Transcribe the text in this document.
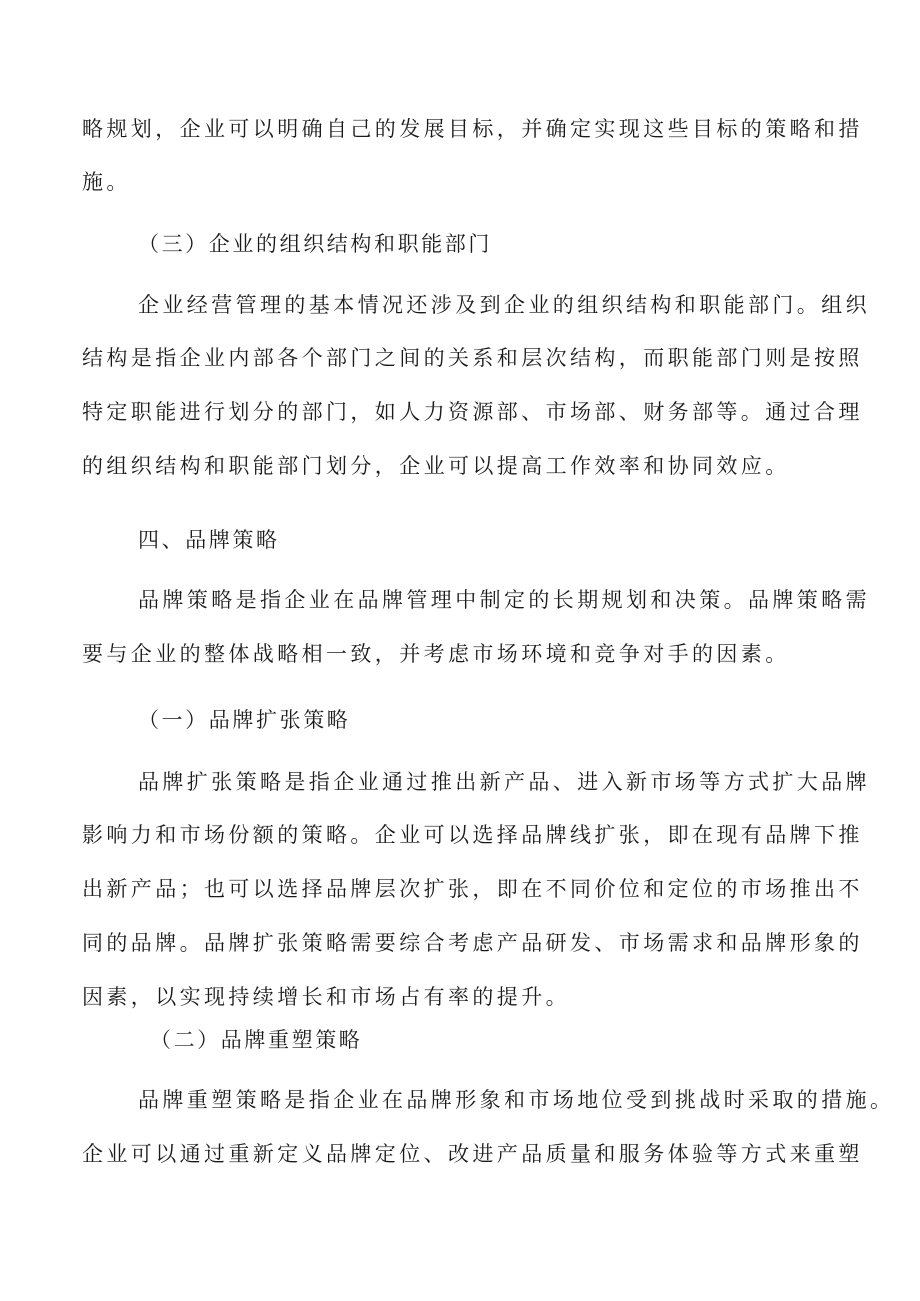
略规划，企业可以明确自己的发展目标，并确定实现这些目标的策略和措

施。

（三）企业的组织结构和职能部门

企业经营管理的基本情况还涉及到企业的组织结构和职能部门。组织

结构是指企业内部各个部门之间的关系和层次结构，而职能部门则是按照

特定职能进行划分的部门，如人力资源部、市场部、财务部等。通过合理

的组织结构和职能部门划分，企业可以提高工作效率和协同效应。

四、品牌策略

品牌策略是指企业在品牌管理中制定的长期规划和决策。品牌策略需

要与企业的整体战略相一致，并考虑市场环境和竞争对手的因素。

（一）品牌扩张策略

品牌扩张策略是指企业通过推出新产品、进入新市场等方式扩大品牌

影响力和市场份额的策略。企业可以选择品牌线扩张，即在现有品牌下推

出新产品；也可以选择品牌层次扩张，即在不同价位和定位的市场推出不

同的品牌。品牌扩张策略需要综合考虑产品研发、市场需求和品牌形象的

因素，以实现持续增长和市场占有率的提升。

（二）品牌重塑策略

品牌重塑策略是指企业在品牌形象和市场地位受到挑战时采取的措施。

企业可以通过重新定义品牌定位、改进产品质量和服务体验等方式来重塑
